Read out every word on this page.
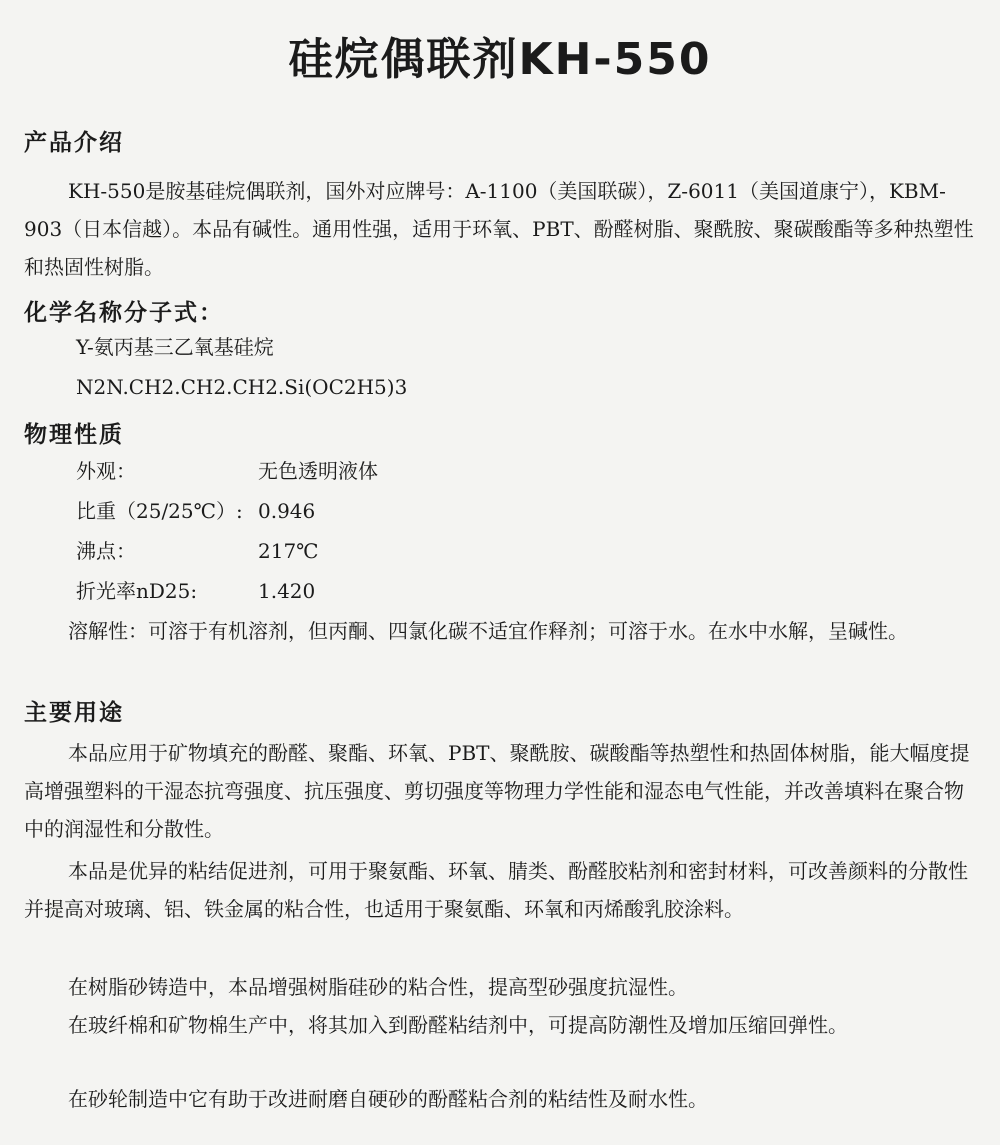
硅烷偶联剂KH-550
产品介绍

KH-550是胺基硅烷偶联剂，国外对应牌号：A-1100（美国联碳），Z-6011（美国道康宁），KBM-903（日本信越）。本品有碱性。通用性强，适用于环氧、PBT、酚醛树脂、聚酰胺、聚碳酸酯等多种热塑性和热固性树脂。

化学名称分子式：

Y-氨丙基三乙氧基硅烷

N2N.CH2.CH2.CH2.Si(OC2H5)3

物理性质

外观：	无色透明液体

比重（25/25℃）: 0.946

沸点：	217℃

折光率nD25:	1.420

溶解性：可溶于有机溶剂，但丙酮、四氯化碳不适宜作释剂；可溶于水。在水中水解，呈碱性。

主要用途

本品应用于矿物填充的酚醛、聚酯、环氧、PBT、聚酰胺、碳酸酯等热塑性和热固体树脂，能大幅度提高增强塑料的干湿态抗弯强度、抗压强度、剪切强度等物理力学性能和湿态电气性能，并改善填料在聚合物中的润湿性和分散性。

本品是优异的粘结促进剂，可用于聚氨酯、环氧、腈类、酚醛胶粘剂和密封材料，可改善颜料的分散性并提高对玻璃、铝、铁金属的粘合性，也适用于聚氨酯、环氧和丙烯酸乳胶涂料。

在树脂砂铸造中，本品增强树脂硅砂的粘合性，提高型砂强度抗湿性。

在玻纤棉和矿物棉生产中，将其加入到酚醛粘结剂中，可提高防潮性及增加压缩回弹性。

在砂轮制造中它有助于改进耐磨自硬砂的酚醛粘合剂的粘结性及耐水性。
